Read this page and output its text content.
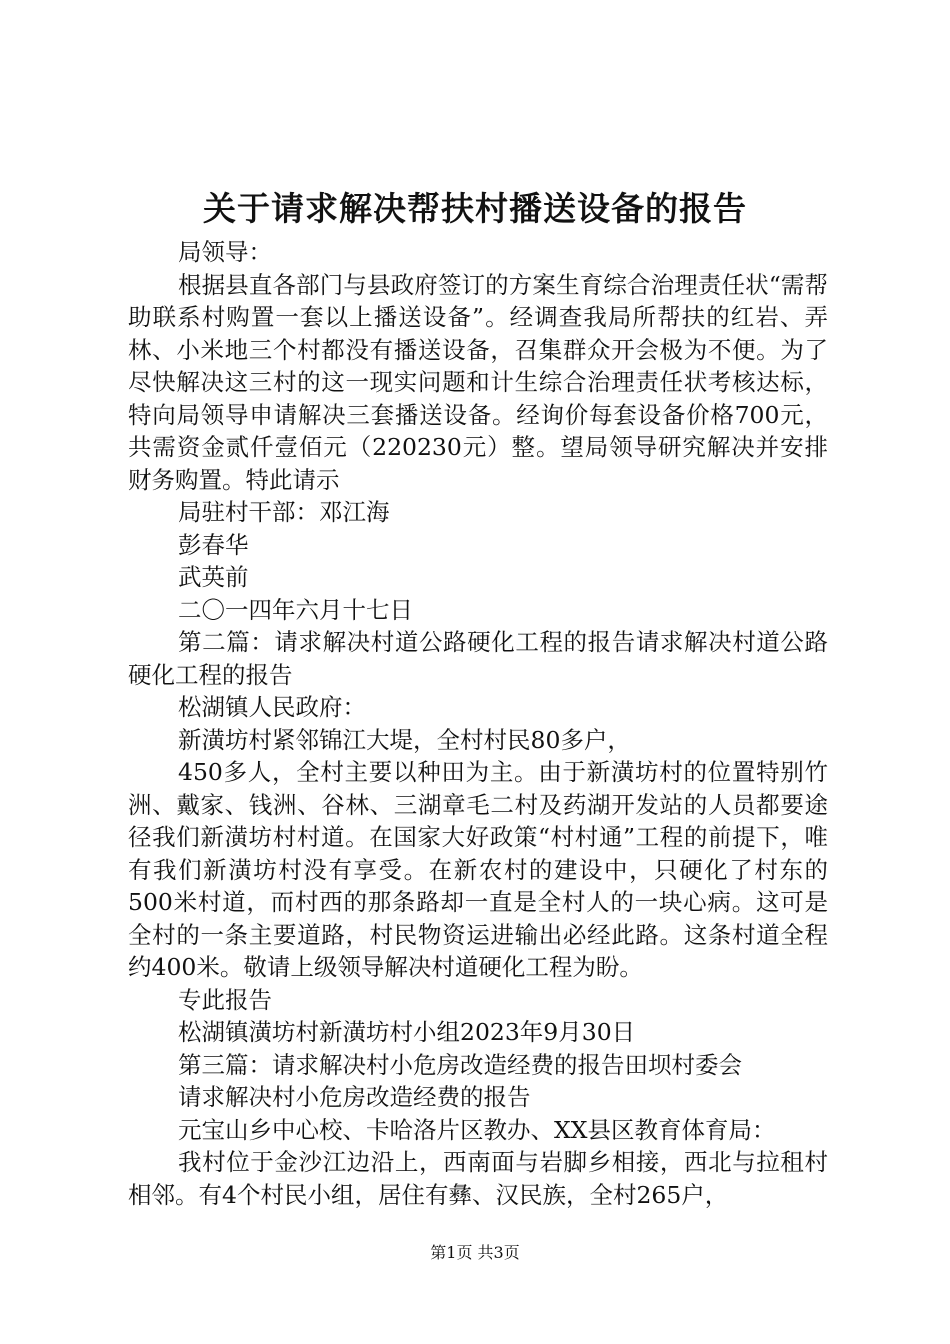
关于请求解决帮扶村播送设备的报告

局领导：

根据县直各部门与县政府签订的方案生育综合治理责任状“需帮助联系村购置一套以上播送设备”。经调查我局所帮扶的红岩、弄林、小米地三个村都没有播送设备，召集群众开会极为不便。为了尽快解决这三村的这一现实问题和计生综合治理责任状考核达标，特向局领导申请解决三套播送设备。经询价每套设备价格700元，共需资金贰仟壹佰元（220230元）整。望局领导研究解决并安排财务购置。特此请示

局驻村干部：邓江海

彭春华

武英前

二〇一四年六月十七日

第二篇：请求解决村道公路硬化工程的报告请求解决村道公路硬化工程的报告

松湖镇人民政府：

新潢坊村紧邻锦江大堤，全村村民80多户，

450多人，全村主要以种田为主。由于新潢坊村的位置特别竹洲、戴家、钱洲、谷林、三湖章毛二村及药湖开发站的人员都要途径我们新潢坊村村道。在国家大好政策“村村通”工程的前提下，唯有我们新潢坊村没有享受。在新农村的建设中，只硬化了村东的500米村道，而村西的那条路却一直是全村人的一块心病。这可是全村的一条主要道路，村民物资运进输出必经此路。这条村道全程约400米。敬请上级领导解决村道硬化工程为盼。

专此报告

松湖镇潢坊村新潢坊村小组2023年9月30日

第三篇：请求解决村小危房改造经费的报告田坝村委会

请求解决村小危房改造经费的报告

元宝山乡中心校、卡哈洛片区教办、XX县区教育体育局：

我村位于金沙江边沿上，西南面与岩脚乡相接，西北与拉租村相邻。有4个村民小组，居住有彝、汉民族，全村265户，

第1页 共3页
